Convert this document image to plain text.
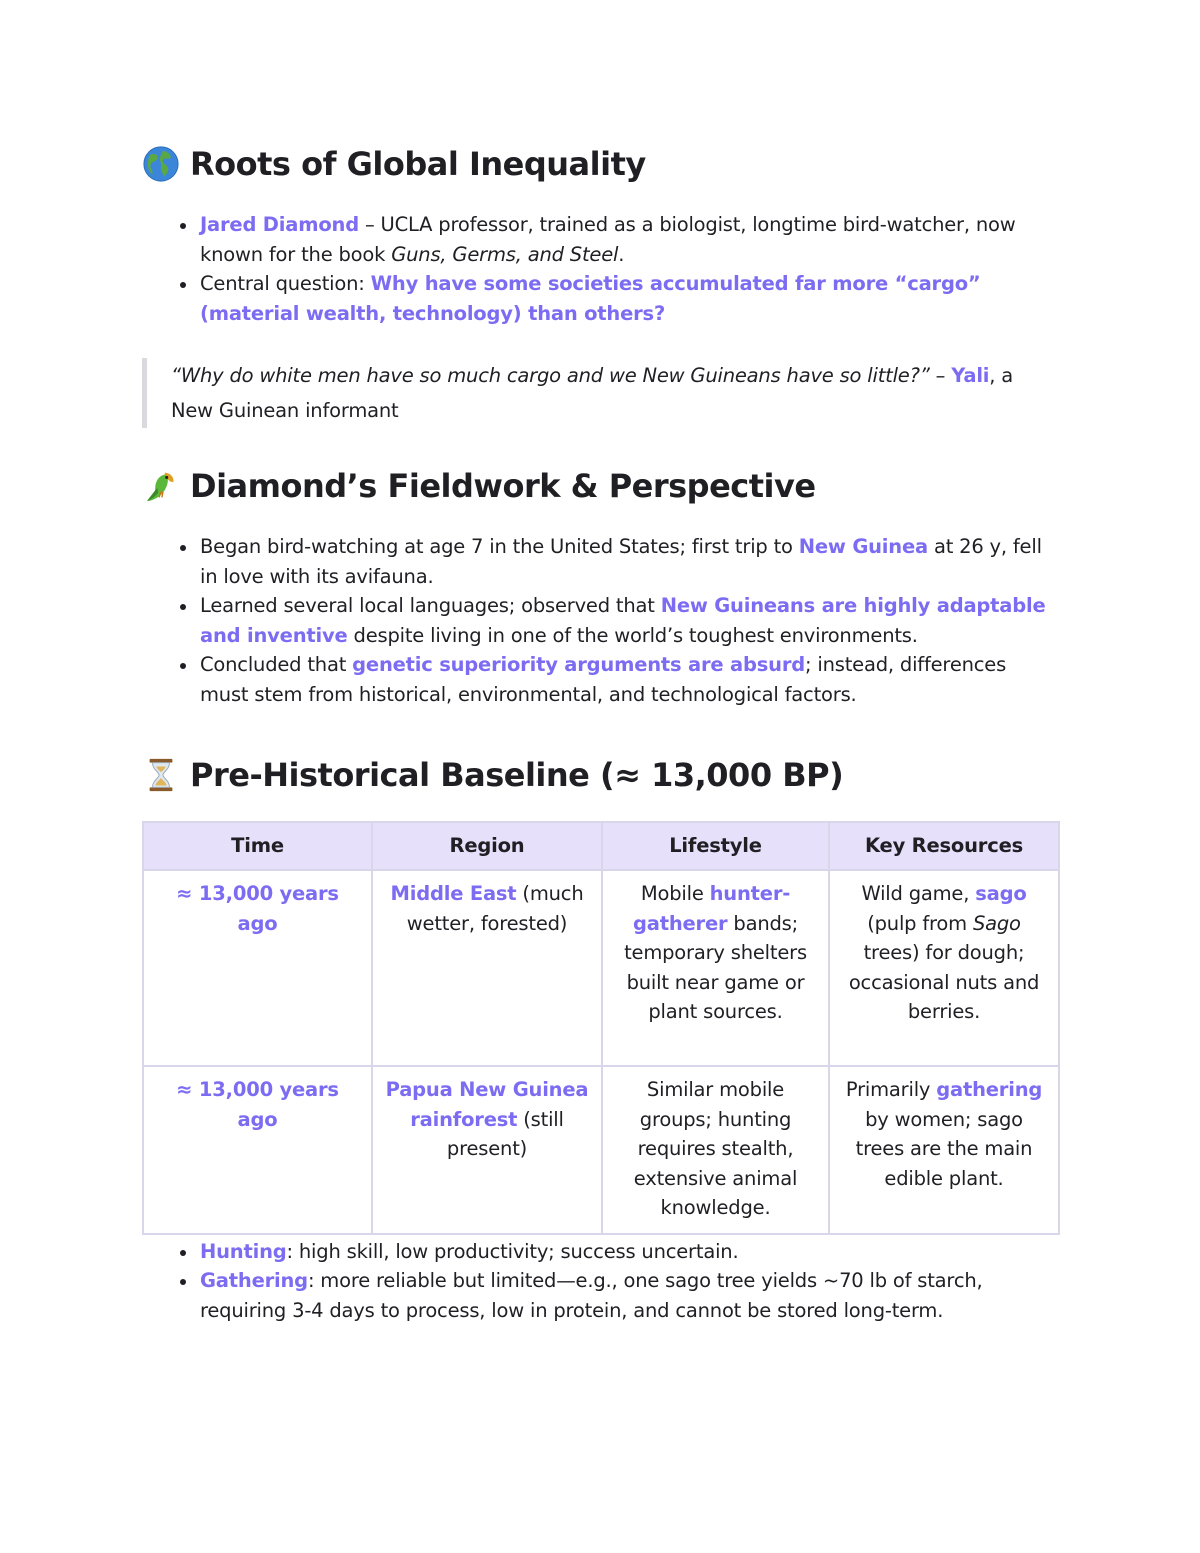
Roots of Global Inequality
Jared Diamond – UCLA professor, trained as a biologist, longtime bird-watcher, now known for the book Guns, Germs, and Steel.
Central question: Why have some societies accumulated far more “cargo” (material wealth, technology) than others?
“Why do white men have so much cargo and we New Guineans have so little?” – Yali, a New Guinean informant
Diamond’s Fieldwork & Perspective
Began bird-watching at age 7 in the United States; first trip to New Guinea at 26 y, fell in love with its avifauna.
Learned several local languages; observed that New Guineans are highly adaptable and inventive despite living in one of the world’s toughest environments.
Concluded that genetic superiority arguments are absurd; instead, differences must stem from historical, environmental, and technological factors.
Pre-Historical Baseline (≈ 13,000 BP)
Time	Region	Lifestyle	Key Resources
≈ 13,000 years ago	Middle East (much wetter, forested)	Mobile hunter-gatherer bands; temporary shelters built near game or plant sources.	Wild game, sago (pulp from Sago trees) for dough; occasional nuts and berries.
≈ 13,000 years ago	Papua New Guinea rainforest (still present)	Similar mobile groups; hunting requires stealth, extensive animal knowledge.	Primarily gathering by women; sago trees are the main edible plant.
Hunting: high skill, low productivity; success uncertain.
Gathering: more reliable but limited—e.g., one sago tree yields ~70 lb of starch, requiring 3-4 days to process, low in protein, and cannot be stored long-term.
